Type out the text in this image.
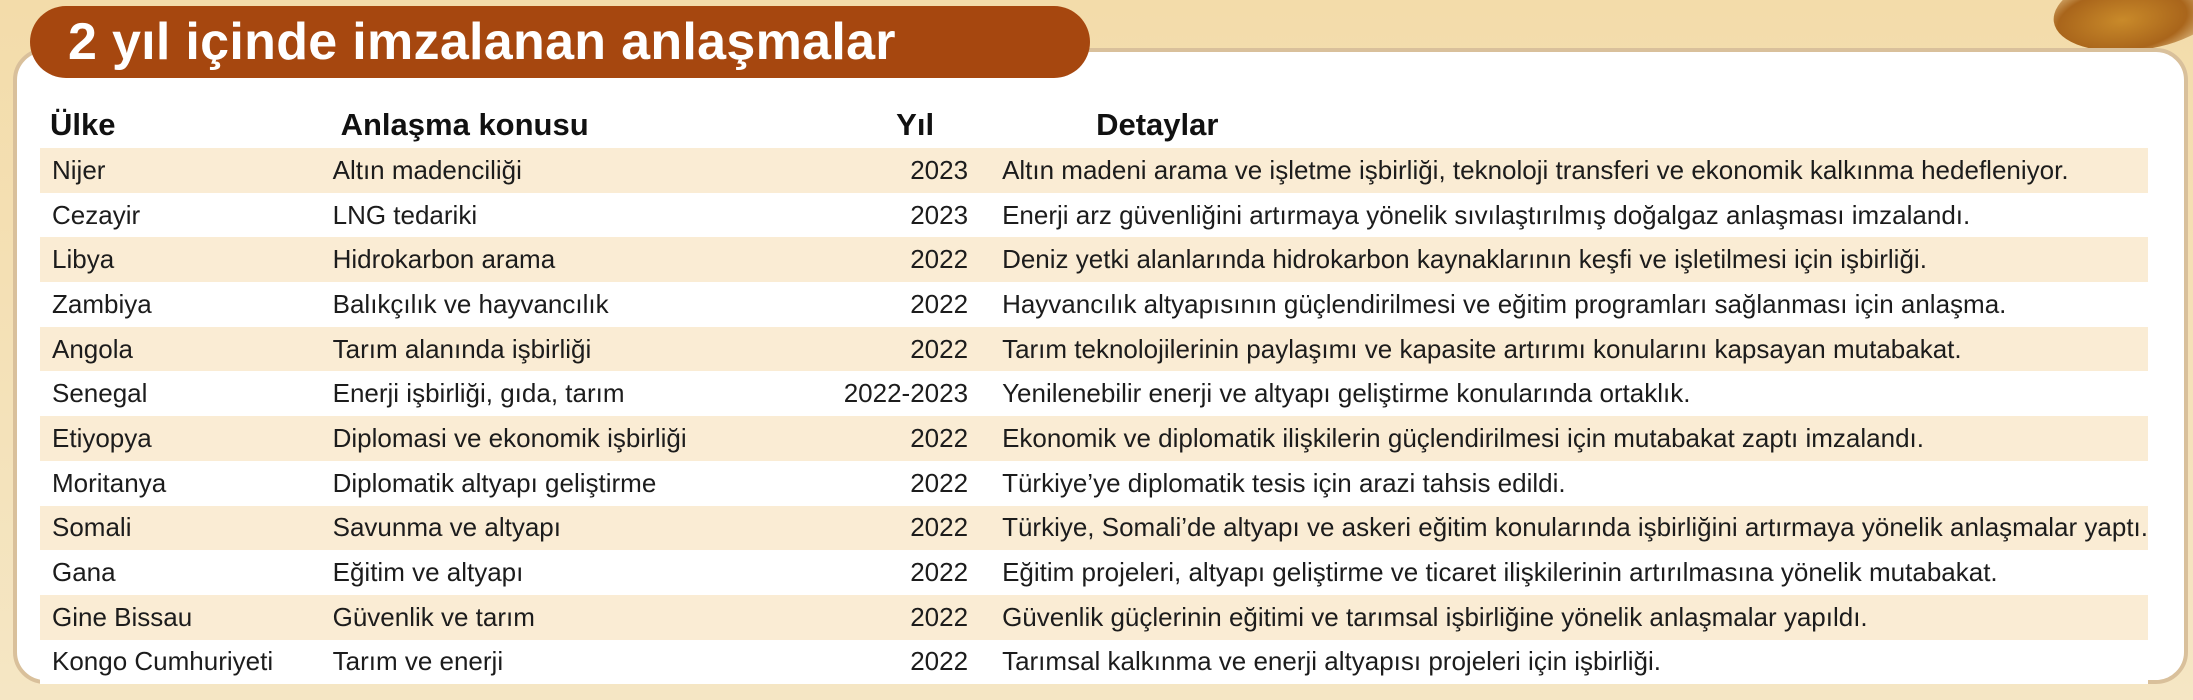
2 yıl içinde imzalanan anlaşmalar
Ülke	Anlaşma konusu	Yıl	Detaylar
Nijer	Altın madenciliği	2023	Altın madeni arama ve işletme işbirliği, teknoloji transferi ve ekonomik kalkınma hedefleniyor.
Cezayir	LNG tedariki	2023	Enerji arz güvenliğini artırmaya yönelik sıvılaştırılmış doğalgaz anlaşması imzalandı.
Libya	Hidrokarbon arama	2022	Deniz yetki alanlarında hidrokarbon kaynaklarının keşfi ve işletilmesi için işbirliği.
Zambiya	Balıkçılık ve hayvancılık	2022	Hayvancılık altyapısının güçlendirilmesi ve eğitim programları sağlanması için anlaşma.
Angola	Tarım alanında işbirliği	2022	Tarım teknolojilerinin paylaşımı ve kapasite artırımı konularını kapsayan mutabakat.
Senegal	Enerji işbirliği, gıda, tarım	2022-2023	Yenilenebilir enerji ve altyapı geliştirme konularında ortaklık.
Etiyopya	Diplomasi ve ekonomik işbirliği	2022	Ekonomik ve diplomatik ilişkilerin güçlendirilmesi için mutabakat zaptı imzalandı.
Moritanya	Diplomatik altyapı geliştirme	2022	Türkiye’ye diplomatik tesis için arazi tahsis edildi.
Somali	Savunma ve altyapı	2022	Türkiye, Somali’de altyapı ve askeri eğitim konularında işbirliğini artırmaya yönelik anlaşmalar yaptı.
Gana	Eğitim ve altyapı	2022	Eğitim projeleri, altyapı geliştirme ve ticaret ilişkilerinin artırılmasına yönelik mutabakat.
Gine Bissau	Güvenlik ve tarım	2022	Güvenlik güçlerinin eğitimi ve tarımsal işbirliğine yönelik anlaşmalar yapıldı.
Kongo Cumhuriyeti	Tarım ve enerji	2022	Tarımsal kalkınma ve enerji altyapısı projeleri için işbirliği.
